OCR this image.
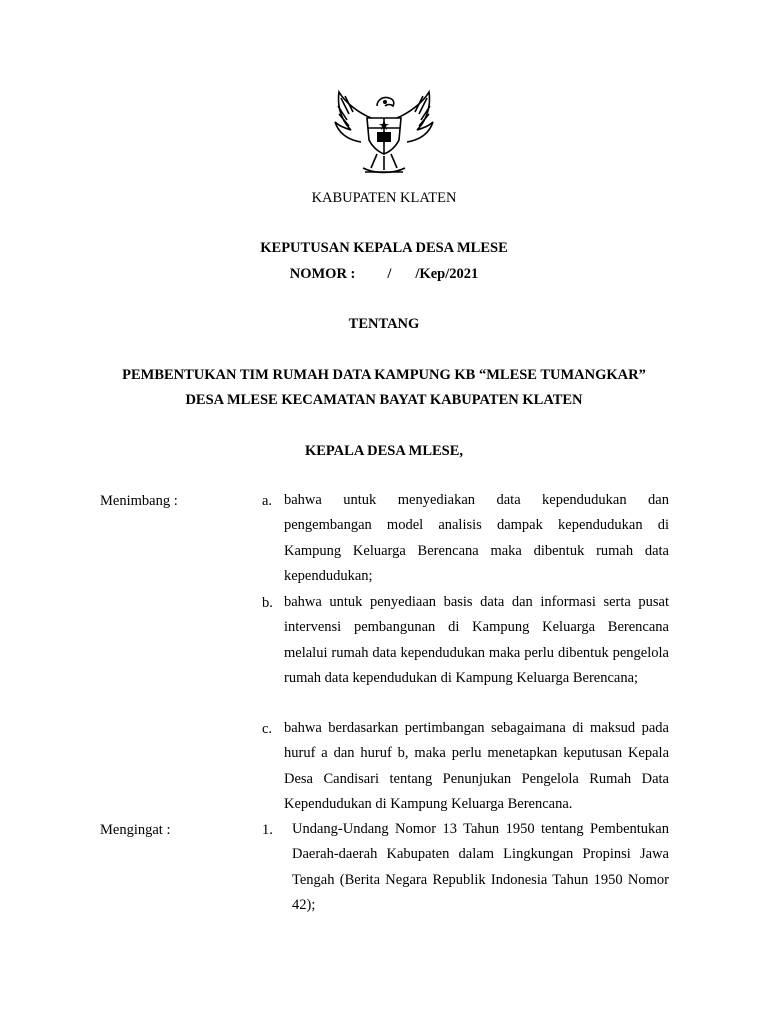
KABUPATEN KLATEN
KEPUTUSAN KEPALA DESA MLESE
NOMOR : / /Kep/2021
TENTANG
PEMBENTUKAN TIM RUMAH DATA KAMPUNG KB “MLESE TUMANGKAR”
DESA MLESE KECAMATAN BAYAT KABUPATEN KLATEN
KEPALA DESA MLESE,
Menimbang :	a. bahwa untuk menyediakan data kependudukan dan pengembangan model analisis dampak kependudukan di Kampung Keluarga Berencana maka dibentuk rumah data kependudukan;
b. bahwa untuk penyediaan basis data dan informasi serta pusat intervensi pembangunan di Kampung Keluarga Berencana melalui rumah data kependudukan maka perlu dibentuk pengelola rumah data kependudukan di Kampung Keluarga Berencana;
c. bahwa berdasarkan pertimbangan sebagaimana di maksud pada huruf a dan huruf b, maka perlu menetapkan keputusan Kepala Desa Candisari tentang Penunjukan Pengelola Rumah Data Kependudukan di Kampung Keluarga Berencana.
Mengingat :	1. Undang-Undang Nomor 13 Tahun 1950 tentang Pembentukan Daerah-daerah Kabupaten dalam Lingkungan Propinsi Jawa Tengah (Berita Negara Republik Indonesia Tahun 1950 Nomor 42);
